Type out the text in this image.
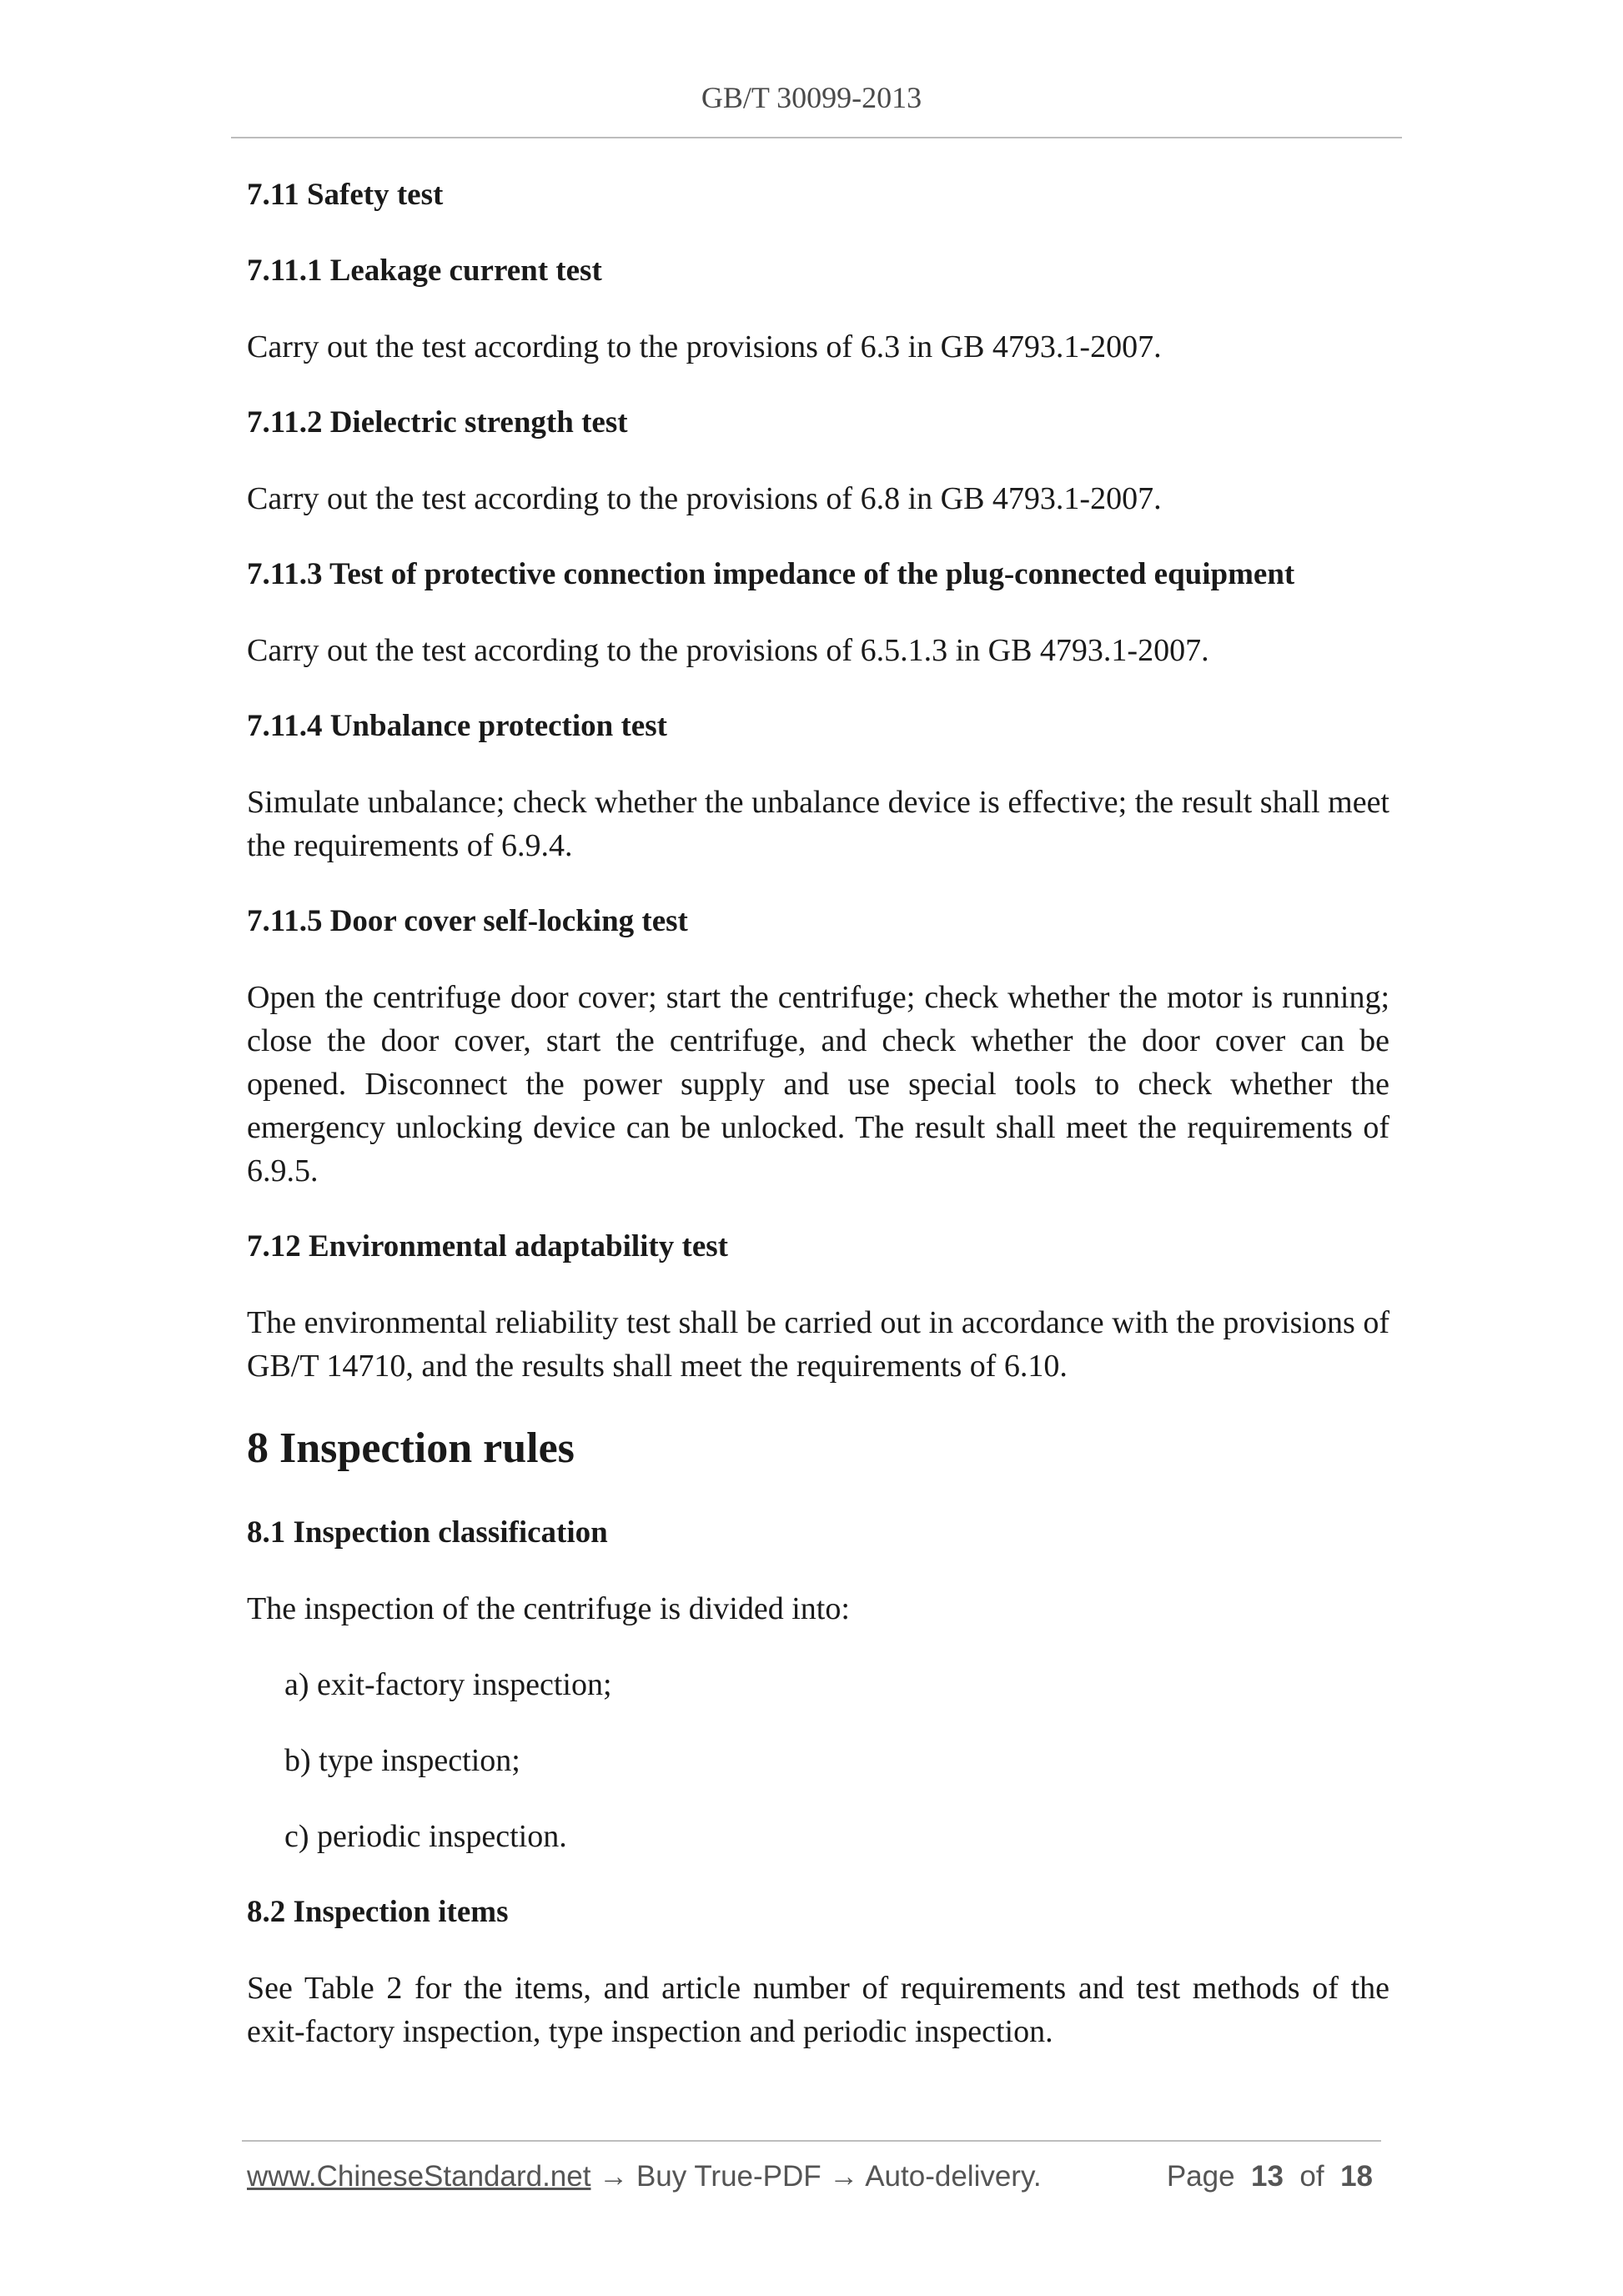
GB/T 30099-2013
7.11 Safety test
7.11.1 Leakage current test
Carry out the test according to the provisions of 6.3 in GB 4793.1-2007.
7.11.2 Dielectric strength test
Carry out the test according to the provisions of 6.8 in GB 4793.1-2007.
7.11.3 Test of protective connection impedance of the plug-connected equipment
Carry out the test according to the provisions of 6.5.1.3 in GB 4793.1-2007.
7.11.4 Unbalance protection test
Simulate unbalance; check whether the unbalance device is effective; the result shall meet the requirements of 6.9.4.
7.11.5 Door cover self-locking test
Open the centrifuge door cover; start the centrifuge; check whether the motor is running; close the door cover, start the centrifuge, and check whether the door cover can be opened. Disconnect the power supply and use special tools to check whether the emergency unlocking device can be unlocked. The result shall meet the requirements of 6.9.5.
7.12 Environmental adaptability test
The environmental reliability test shall be carried out in accordance with the provisions of GB/T 14710, and the results shall meet the requirements of 6.10.
8 Inspection rules
8.1 Inspection classification
The inspection of the centrifuge is divided into:
a) exit-factory inspection;
b) type inspection;
c) periodic inspection.
8.2 Inspection items
See Table 2 for the items, and article number of requirements and test methods of the exit-factory inspection, type inspection and periodic inspection.
www.ChineseStandard.net → Buy True-PDF → Auto-delivery.	Page 13 of 18
